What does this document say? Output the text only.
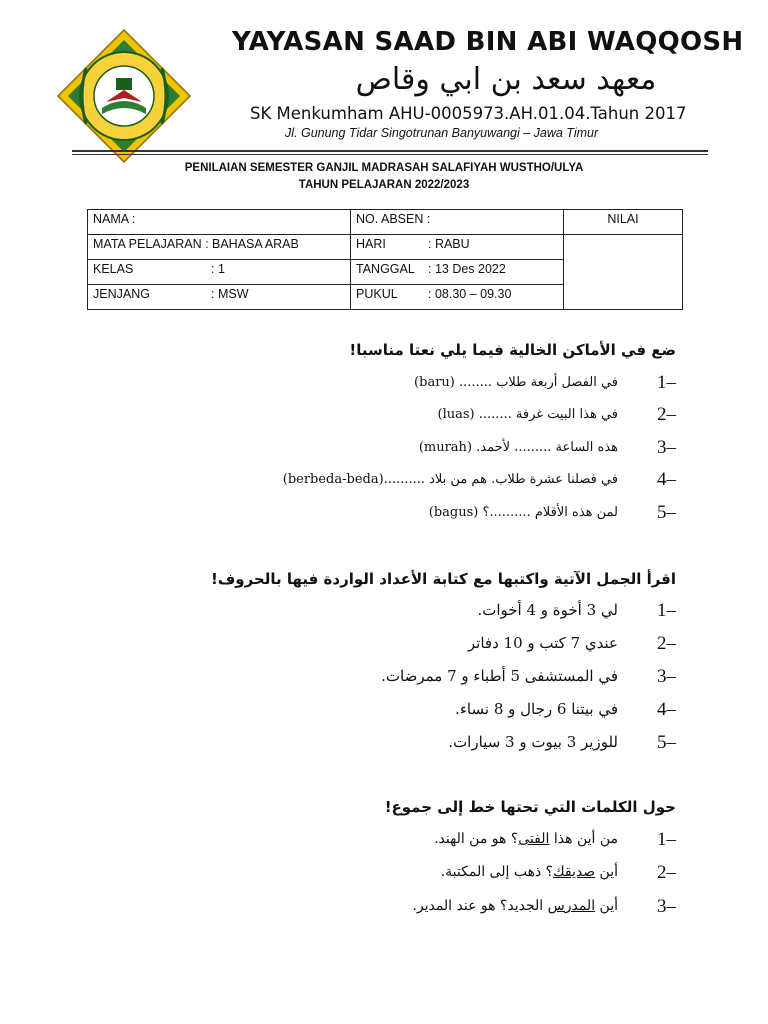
YAYASAN SAAD BIN ABI WAQQOSH
معهد سعد بن ابي وقاص
SK Menkumham AHU-0005973.AH.01.04.Tahun 2017
Jl. Gunung Tidar Singotrunan Banyuwangi – Jawa Timur
PENILAIAN SEMESTER GANJIL MADRASAH SALAFIYAH WUSTHO/ULYA
TAHUN PELAJARAN 2022/2023
NAMA :	NO. ABSEN :	NILAI
MATA PELAJARAN : BAHASA ARAB	HARI : RABU	
KELAS : 1	TANGGAL : 13 Des 2022	
JENJANG : MSW	PUKUL : 08.30 – 09.30	
ضع في الأماكن الخالية فيما يلي نعتا مناسبا!
1–
في الفصل أربعة طلاب ........ (baru)
2–
في هذا البيت غرفة ........ (luas)
3–
هذه الساعة ......... لأحمد. (murah)
4–
في فصلنا عشرة طلاب. هم من بلاد ..........(berbeda-beda)
5–
لمن هذه الأقلام ..........؟ (bagus)
اقرأ الجمل الآتية واكتبها مع كتابة الأعداد الواردة فيها بالحروف!
1–
لي 3 أخوة و 4 أخوات.
2–
عندي 7 كتب و 10 دفاتر
3–
في المستشفى 5 أطباء و 7 ممرضات.
4–
في بيتنا 6 رجال و 8 نساء.
5–
للوزير 3 بيوت و 3 سيارات.
حول الكلمات التي تحتها خط إلى جموع!
1–
من أين هذا الفتى؟ هو من الهند.
2–
أين صديقك؟ ذهب إلى المكتبة.
3–
أين المدرس الجديد؟ هو عند المدير.
